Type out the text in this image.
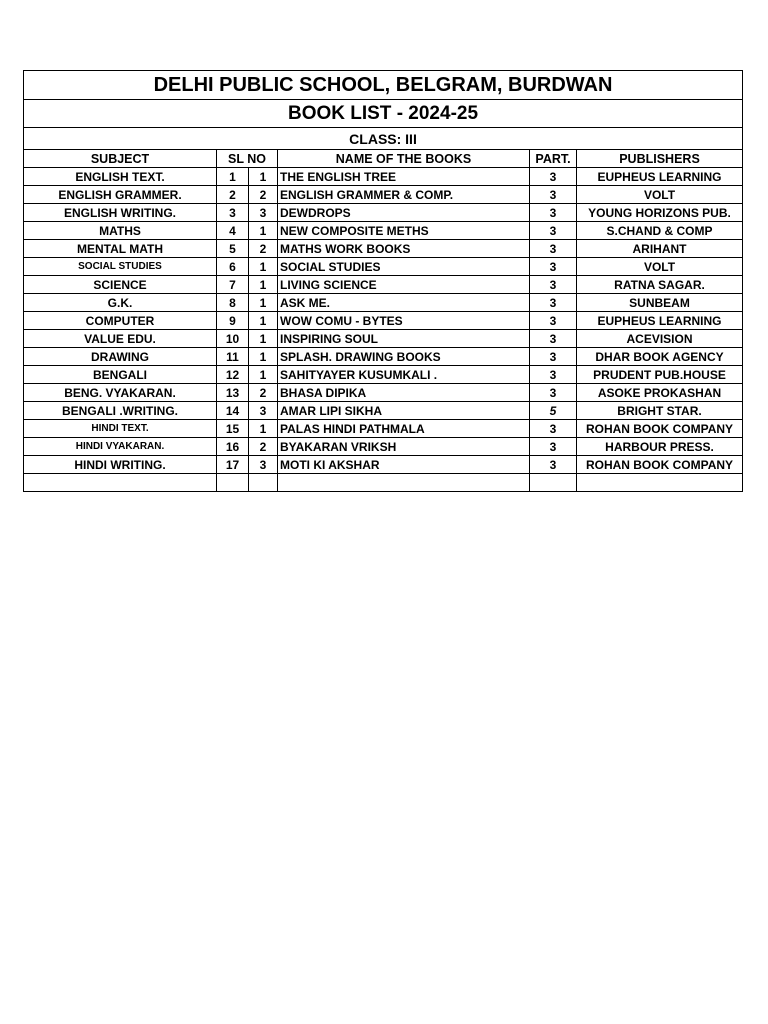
DELHI PUBLIC SCHOOL, BELGRAM, BURDWAN					
BOOK LIST - 2024-25					
CLASS: III					
SUBJECT	SL NO		NAME OF THE BOOKS	PART.	PUBLISHERS
ENGLISH TEXT.	1	1	THE ENGLISH TREE	3	EUPHEUS LEARNING
ENGLISH GRAMMER.	2	2	ENGLISH GRAMMER & COMP.	3	VOLT
ENGLISH WRITING.	3	3	DEWDROPS	3	YOUNG HORIZONS PUB.
MATHS	4	1	NEW COMPOSITE METHS	3	S.CHAND & COMP
MENTAL MATH	5	2	MATHS WORK BOOKS	3	ARIHANT
SOCIAL STUDIES	6	1	SOCIAL STUDIES	3	VOLT
SCIENCE	7	1	LIVING SCIENCE	3	RATNA SAGAR.
G.K.	8	1	ASK ME.	3	SUNBEAM
COMPUTER	9	1	WOW COMU - BYTES	3	EUPHEUS LEARNING
VALUE EDU.	10	1	INSPIRING SOUL	3	ACEVISION
DRAWING	11	1	SPLASH. DRAWING BOOKS	3	DHAR BOOK AGENCY
BENGALI	12	1	SAHITYAYER KUSUMKALI .	3	PRUDENT PUB.HOUSE
BENG. VYAKARAN.	13	2	BHASA DIPIKA	3	ASOKE PROKASHAN
BENGALI .WRITING.	14	3	AMAR LIPI SIKHA	5	BRIGHT STAR.
HINDI TEXT.	15	1	PALAS HINDI PATHMALA	3	ROHAN BOOK COMPANY
HINDI VYAKARAN.	16	2	BYAKARAN VRIKSH	3	HARBOUR PRESS.
HINDI WRITING.	17	3	MOTI KI AKSHAR	3	ROHAN BOOK COMPANY
